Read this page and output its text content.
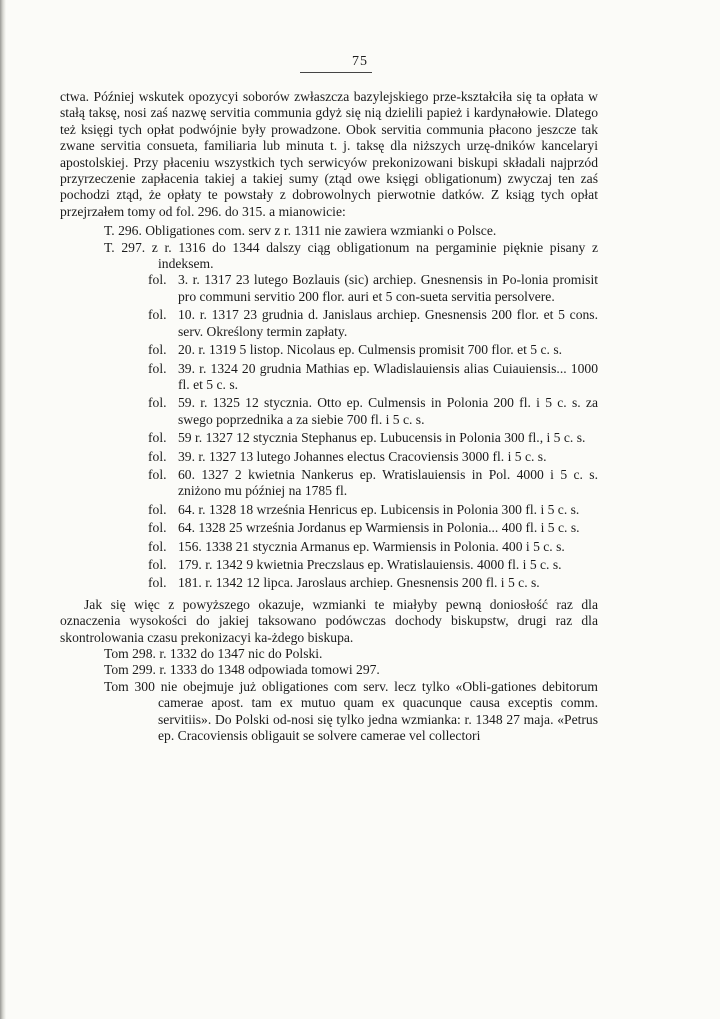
75

ctwa. Później wskutek opozycyi soborów zwłaszcza bazylejskiego prze-kształciła się ta opłata w stałą taksę, nosi zaś nazwę servitia communia gdyż się nią dzielili papież i kardynałowie. Dlatego też księgi tych opłat podwójnie były prowadzone. Obok servitia communia płacono jeszcze tak zwane servitia consueta, familiaria lub minuta t. j. taksę dla niższych urzę-dników kancelaryi apostolskiej. Przy płaceniu wszystkich tych serwicyów prekonizowani biskupi składali najprzód przyrzeczenie zapłacenia takiej a takiej sumy (ztąd owe księgi obligationum) zwyczaj ten zaś pochodzi ztąd, że opłaty te powstały z dobrowolnych pierwotnie datków. Z ksiąg tych opłat przejrzałem tomy od fol. 296. do 315. a mianowicie:

T. 296. Obligationes com. serv z r. 1311 nie zawiera wzmianki o Polsce.

T. 297. z r. 1316 do 1344 dalszy ciąg obligationum na pergaminie pięknie pisany z indeksem.

fol. 3. r. 1317 23 lutego Bozlauis (sic) archiep. Gnesnensis in Po-lonia promisit pro communi servitio 200 flor. auri et 5 con-sueta servitia persolvere.
fol. 10. r. 1317 23 grudnia d. Janislaus archiep. Gnesnensis 200 flor. et 5 cons. serv. Określony termin zapłaty.
fol. 20. r. 1319 5 listop. Nicolaus ep. Culmensis promisit 700 flor. et 5 c. s.
fol. 39. r. 1324 20 grudnia Mathias ep. Wladislauiensis alias Cuiauiensis... 1000 fl. et 5 c. s.
fol. 59. r. 1325 12 stycznia. Otto ep. Culmensis in Polonia 200 fl. i 5 c. s. za swego poprzednika a za siebie 700 fl. i 5 c. s.
fol. 59 r. 1327 12 stycznia Stephanus ep. Lubucensis in Polonia 300 fl., i 5 c. s.
fol. 39. r. 1327 13 lutego Johannes electus Cracoviensis 3000 fl. i 5 c. s.
fol. 60. 1327 2 kwietnia Nankerus ep. Wratislauiensis in Pol. 4000 i 5 c. s. zniżono mu później na 1785 fl.
fol. 64. r. 1328 18 września Henricus ep. Lubicensis in Polonia 300 fl. i 5 c. s.
fol. 64. 1328 25 września Jordanus ep Warmiensis in Polonia... 400 fl. i 5 c. s.
fol. 156. 1338 21 stycznia Armanus ep. Warmiensis in Polonia. 400 i 5 c. s.
fol. 179. r. 1342 9 kwietnia Preczslaus ep. Wratislauiensis. 4000 fl. i 5 c. s.
fol. 181. r. 1342 12 lipca. Jaroslaus archiep. Gnesnensis 200 fl. i 5 c. s.

Jak się więc z powyższego okazuje, wzmianki te miałyby pewną doniosłość raz dla oznaczenia wysokości do jakiej taksowano podówczas dochody biskupstw, drugi raz dla skontrolowania czasu prekonizacyi ka-żdego biskupa.

Tom 298. r. 1332 do 1347 nic do Polski.

Tom 299. r. 1333 do 1348 odpowiada tomowi 297.

Tom 300 nie obejmuje już obligationes com serv. lecz tylko «Obli-gationes debitorum camerae apost. tam ex mutuo quam ex quacunque causa exceptis comm. servitiis». Do Polski od-nosi się tylko jedna wzmianka: r. 1348 27 maja. «Petrus ep. Cracoviensis obligauit se solvere camerae vel collectori
